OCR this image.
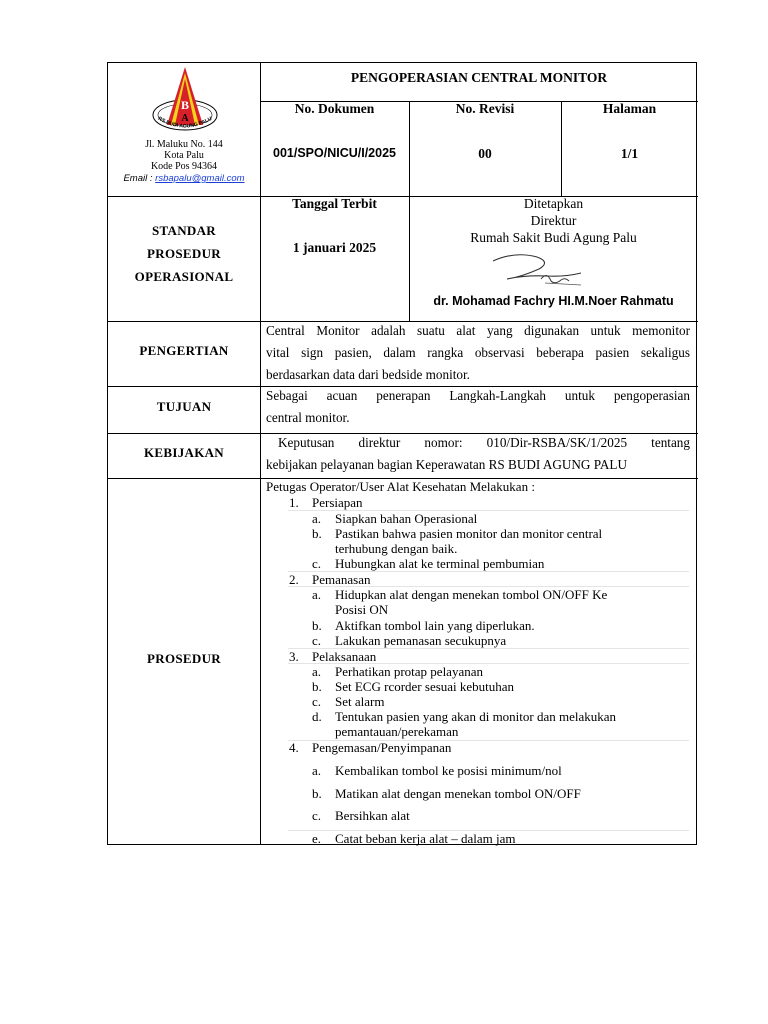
B
A
RS BUDI AGUNG PALU
Jl. Maluku No. 144
Kota Palu
Kode Pos 94364
Email : rsbapalu@gmail.com
PENGOPERASIAN CENTRAL MONITOR
No. Dokumen	No. Revisi	Halaman
001/SPO/NICU/I/2025	00	1/1
STANDAR
PROSEDUR
OPERASIONAL
Tanggal Terbit
1 januari 2025
Ditetapkan
Direktur
Rumah Sakit Budi Agung Palu
dr. Mohamad Fachry HI.M.Noer Rahmatu
PENGERTIAN
Central Monitor adalah suatu alat yang digunakan untuk memonitor
vital sign pasien, dalam rangka observasi beberapa pasien sekaligus
berdasarkan data dari bedside monitor.
TUJUAN
Sebagai acuan penerapan Langkah-Langkah untuk pengoperasian
central monitor.
KEBIJAKAN
Keputusan direktur nomor: 010/Dir-RSBA/SK/1/2025 tentang
kebijakan pelayanan bagian Keperawatan RS BUDI AGUNG PALU
PROSEDUR
Petugas Operator/User Alat Kesehatan Melakukan :
1. Persiapan
a. Siapkan bahan Operasional
b. Pastikan bahwa pasien monitor dan monitor central
terhubung dengan baik.
c. Hubungkan alat ke terminal pembumian
2. Pemanasan
a. Hidupkan alat dengan menekan tombol ON/OFF Ke
Posisi ON
b. Aktifkan tombol lain yang diperlukan.
c. Lakukan pemanasan secukupnya
3. Pelaksanaan
a. Perhatikan protap pelayanan
b. Set ECG rcorder sesuai kebutuhan
c. Set alarm
d. Tentukan pasien yang akan di monitor dan melakukan
pemantauan/perekaman
4. Pengemasan/Penyimpanan
a. Kembalikan tombol ke posisi minimum/nol
b. Matikan alat dengan menekan tombol ON/OFF
c. Bersihkan alat
e. Catat beban kerja alat – dalam jam
